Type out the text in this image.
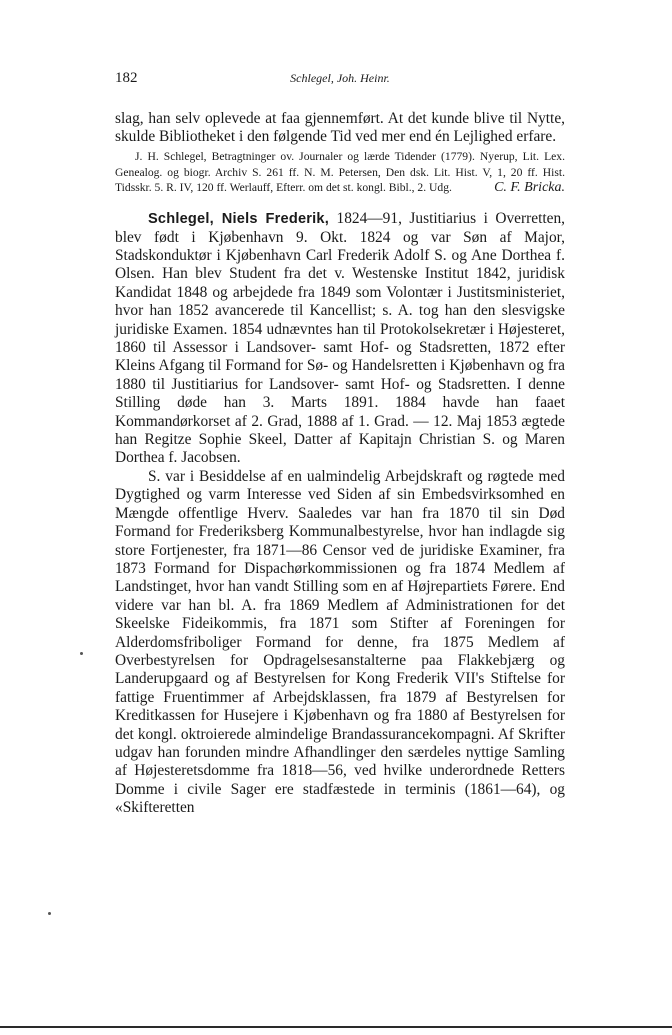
182	Schlegel, Joh. Heinr.

slag, han selv oplevede at faa gjennemført. At det kunde blive til Nytte, skulde Bibliotheket i den følgende Tid ved mer end én Lejlighed erfare.

J. H. Schlegel, Betragtninger ov. Journaler og lærde Tidender (1779). Nyerup, Lit. Lex. Genealog. og biogr. Archiv S. 261 ff. N. M. Petersen, Den dsk. Lit. Hist. V, 1, 20 ff. Hist. Tidsskr. 5. R. IV, 120 ff. Werlauff, Efterr. om det st. kongl. Bibl., 2. Udg.	C. F. Bricka.

Schlegel, Niels Frederik, 1824—91, Justitiarius i Overretten, blev født i Kjøbenhavn 9. Okt. 1824 og var Søn af Major, Stadskonduktør i Kjøbenhavn Carl Frederik Adolf S. og Ane Dorthea f. Olsen. Han blev Student fra det v. Westenske Institut 1842, juridisk Kandidat 1848 og arbejdede fra 1849 som Volontær i Justitsministeriet, hvor han 1852 avancerede til Kancellist; s. A. tog han den slesvigske juridiske Examen. 1854 udnævntes han til Protokolsekretær i Højesteret, 1860 til Assessor i Landsover- samt Hof- og Stadsretten, 1872 efter Kleins Afgang til Formand for Sø- og Handelsretten i Kjøbenhavn og fra 1880 til Justitiarius for Landsover- samt Hof- og Stadsretten. I denne Stilling døde han 3. Marts 1891. 1884 havde han faaet Kommandørkorset af 2. Grad, 1888 af 1. Grad. — 12. Maj 1853 ægtede han Regitze Sophie Skeel, Datter af Kapitajn Christian S. og Maren Dorthea f. Jacobsen.

S. var i Besiddelse af en ualmindelig Arbejdskraft og røgtede med Dygtighed og varm Interesse ved Siden af sin Embedsvirksomhed en Mængde offentlige Hverv. Saaledes var han fra 1870 til sin Død Formand for Frederiksberg Kommunalbestyrelse, hvor han indlagde sig store Fortjenester, fra 1871—86 Censor ved de juridiske Examiner, fra 1873 Formand for Dispachørkommissionen og fra 1874 Medlem af Landstinget, hvor han vandt Stilling som en af Højrepartiets Førere. End videre var han bl. A. fra 1869 Medlem af Administrationen for det Skeelske Fideikommis, fra 1871 som Stifter af Foreningen for Alderdomsfriboliger Formand for denne, fra 1875 Medlem af Overbestyrelsen for Opdragelsesanstalterne paa Flakkebjærg og Landerupgaard og af Bestyrelsen for Kong Frederik VII's Stiftelse for fattige Fruentimmer af Arbejdsklassen, fra 1879 af Bestyrelsen for Kreditkassen for Husejere i Kjøbenhavn og fra 1880 af Bestyrelsen for det kongl. oktroierede almindelige Brandassurancekompagni. Af Skrifter udgav han forunden mindre Afhandlinger den særdeles nyttige Samling af Højesteretsdomme fra 1818—56, ved hvilke underordnede Retters Domme i civile Sager ere stadfæstede in terminis (1861—64), og «Skifteretten
